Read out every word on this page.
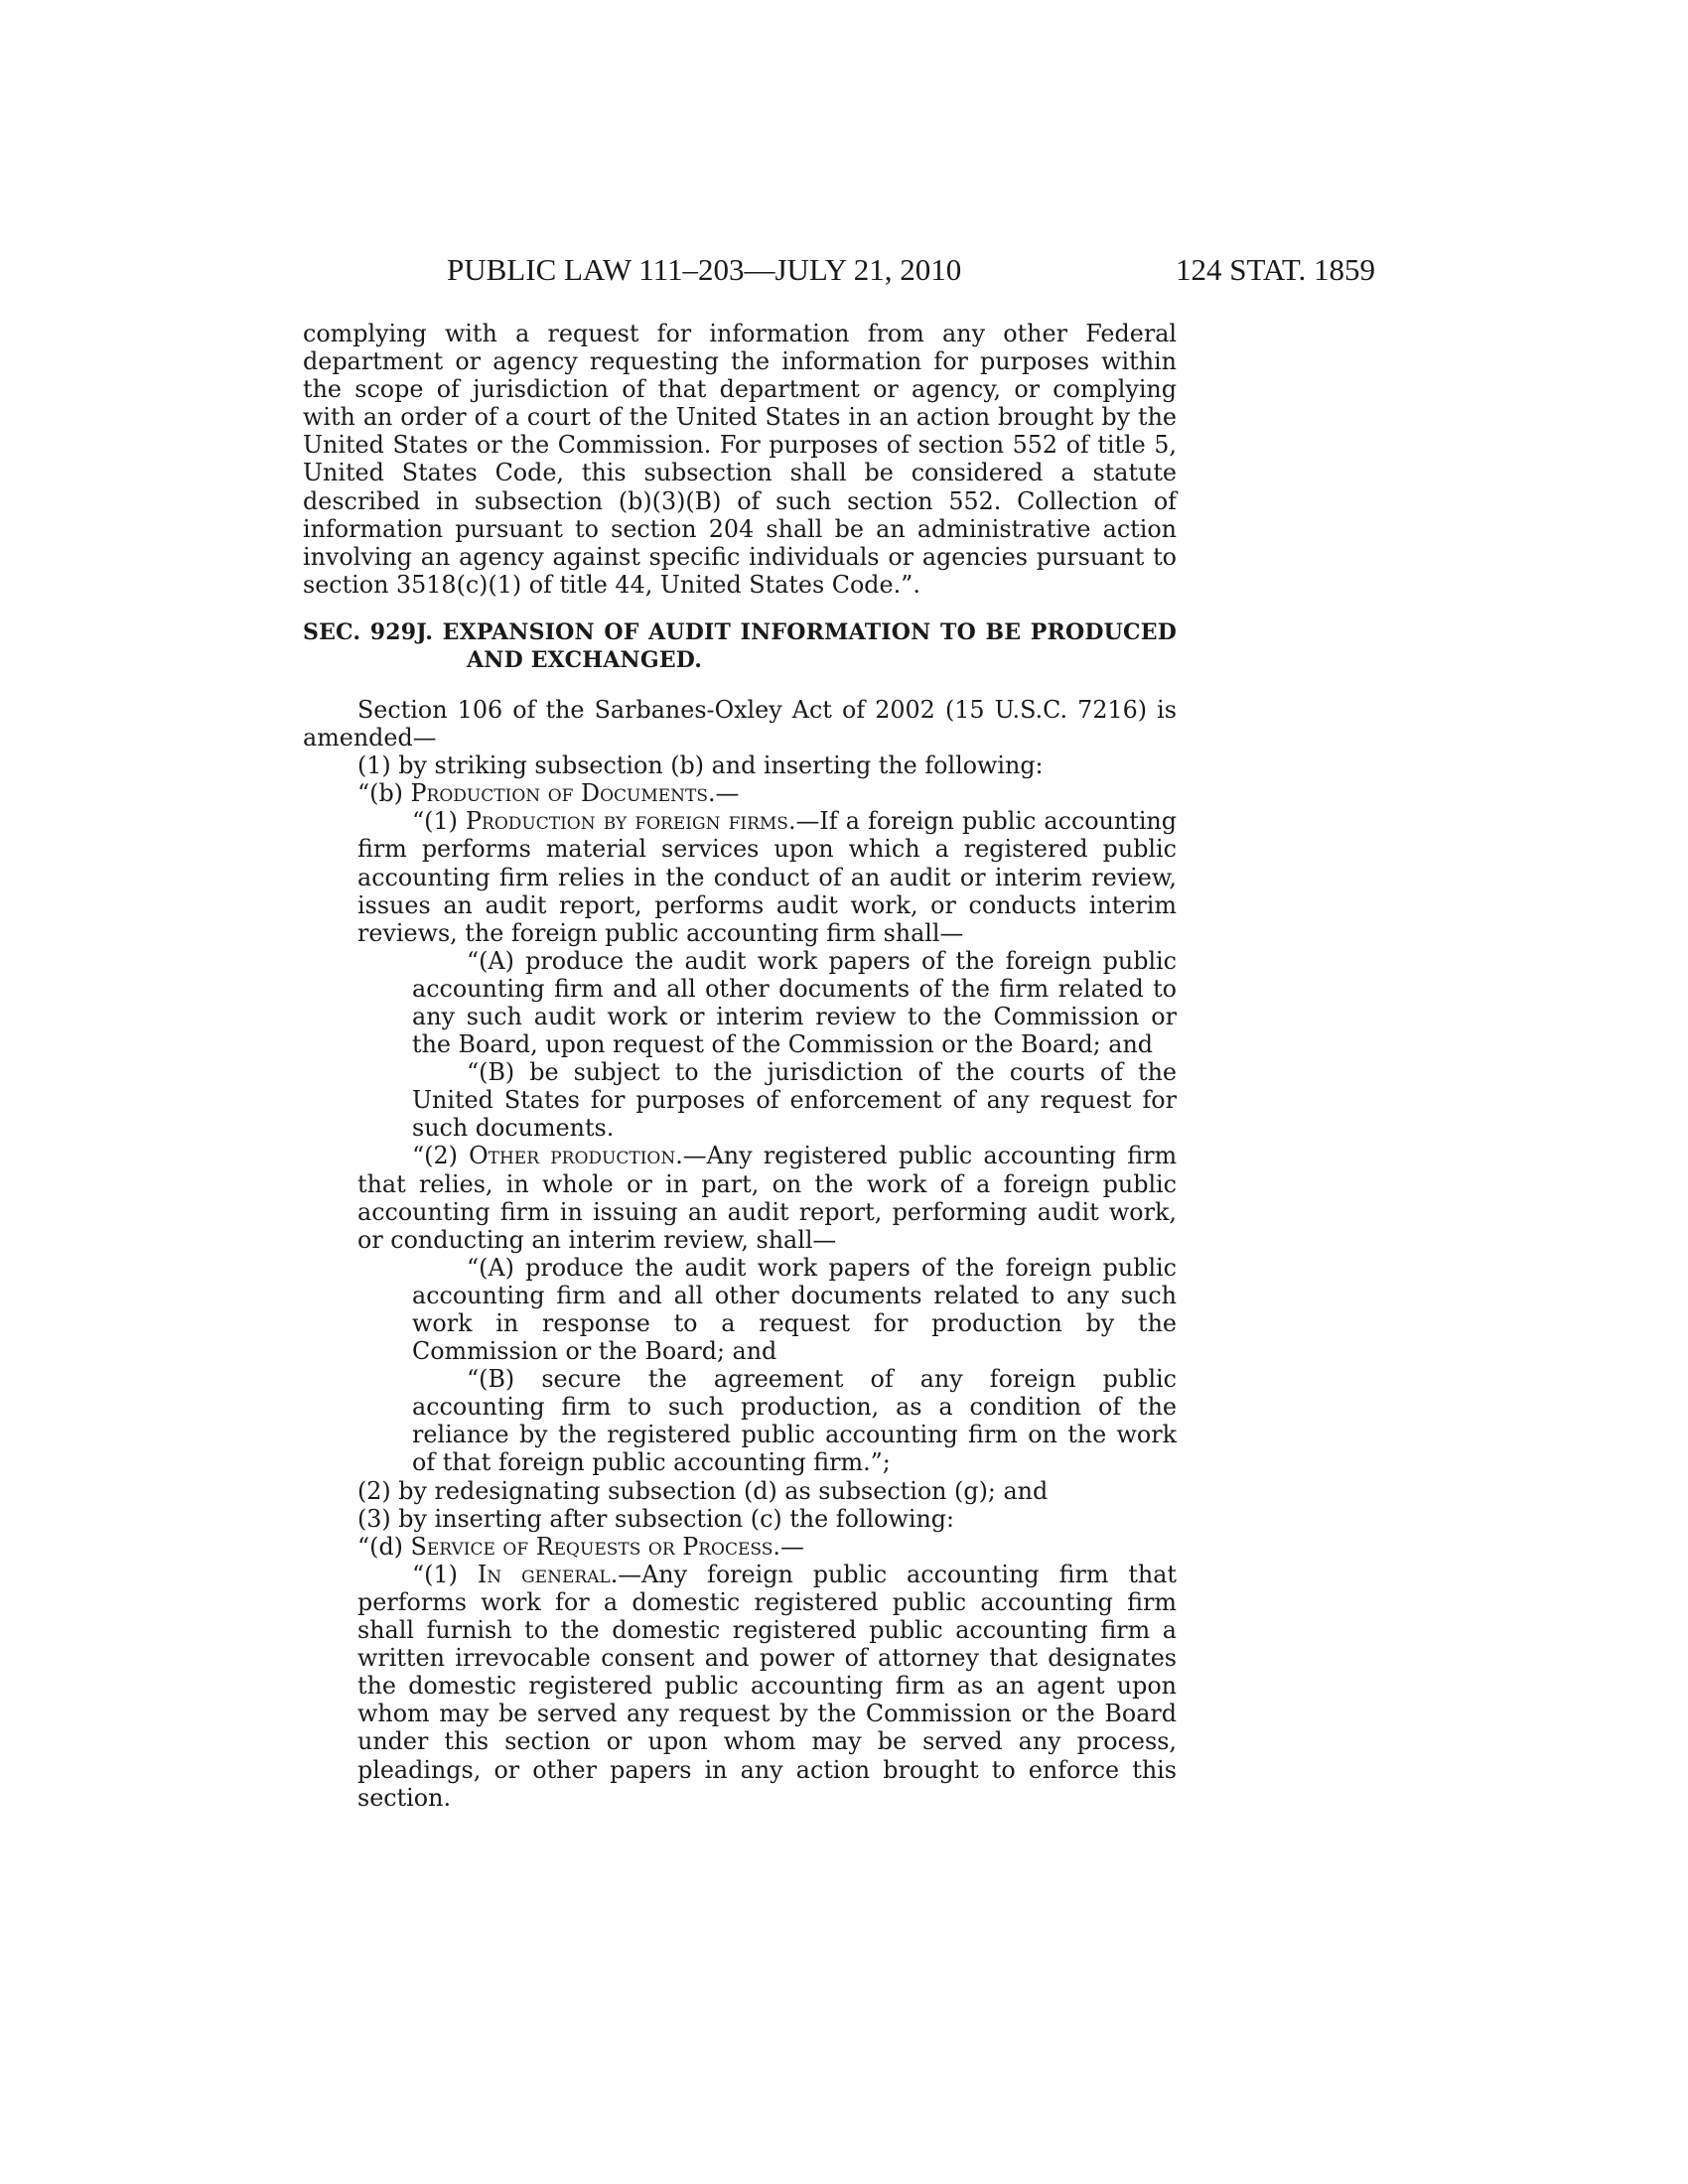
PUBLIC LAW 111–203—JULY 21, 2010	124 STAT. 1859

complying with a request for information from any other Federal department or agency requesting the information for purposes within the scope of jurisdiction of that department or agency, or complying with an order of a court of the United States in an action brought by the United States or the Commission. For purposes of section 552 of title 5, United States Code, this subsection shall be considered a statute described in subsection (b)(3)(B) of such section 552. Collection of information pursuant to section 204 shall be an administrative action involving an agency against specific individuals or agencies pursuant to section 3518(c)(1) of title 44, United States Code.”.

SEC. 929J. EXPANSION OF AUDIT INFORMATION TO BE PRODUCED AND EXCHANGED.

Section 106 of the Sarbanes-Oxley Act of 2002 (15 U.S.C. 7216) is amended—

(1) by striking subsection (b) and inserting the following:

“(b) Production of Documents.—

“(1) Production by foreign firms.—If a foreign public accounting firm performs material services upon which a registered public accounting firm relies in the conduct of an audit or interim review, issues an audit report, performs audit work, or conducts interim reviews, the foreign public accounting firm shall—

“(A) produce the audit work papers of the foreign public accounting firm and all other documents of the firm related to any such audit work or interim review to the Commission or the Board, upon request of the Commission or the Board; and

“(B) be subject to the jurisdiction of the courts of the United States for purposes of enforcement of any request for such documents.

“(2) Other production.—Any registered public accounting firm that relies, in whole or in part, on the work of a foreign public accounting firm in issuing an audit report, performing audit work, or conducting an interim review, shall—

“(A) produce the audit work papers of the foreign public accounting firm and all other documents related to any such work in response to a request for production by the Commission or the Board; and

“(B) secure the agreement of any foreign public accounting firm to such production, as a condition of the reliance by the registered public accounting firm on the work of that foreign public accounting firm.”;

(2) by redesignating subsection (d) as subsection (g); and

(3) by inserting after subsection (c) the following:

“(d) Service of Requests or Process.—

“(1) In general.—Any foreign public accounting firm that performs work for a domestic registered public accounting firm shall furnish to the domestic registered public accounting firm a written irrevocable consent and power of attorney that designates the domestic registered public accounting firm as an agent upon whom may be served any request by the Commission or the Board under this section or upon whom may be served any process, pleadings, or other papers in any action brought to enforce this section.
